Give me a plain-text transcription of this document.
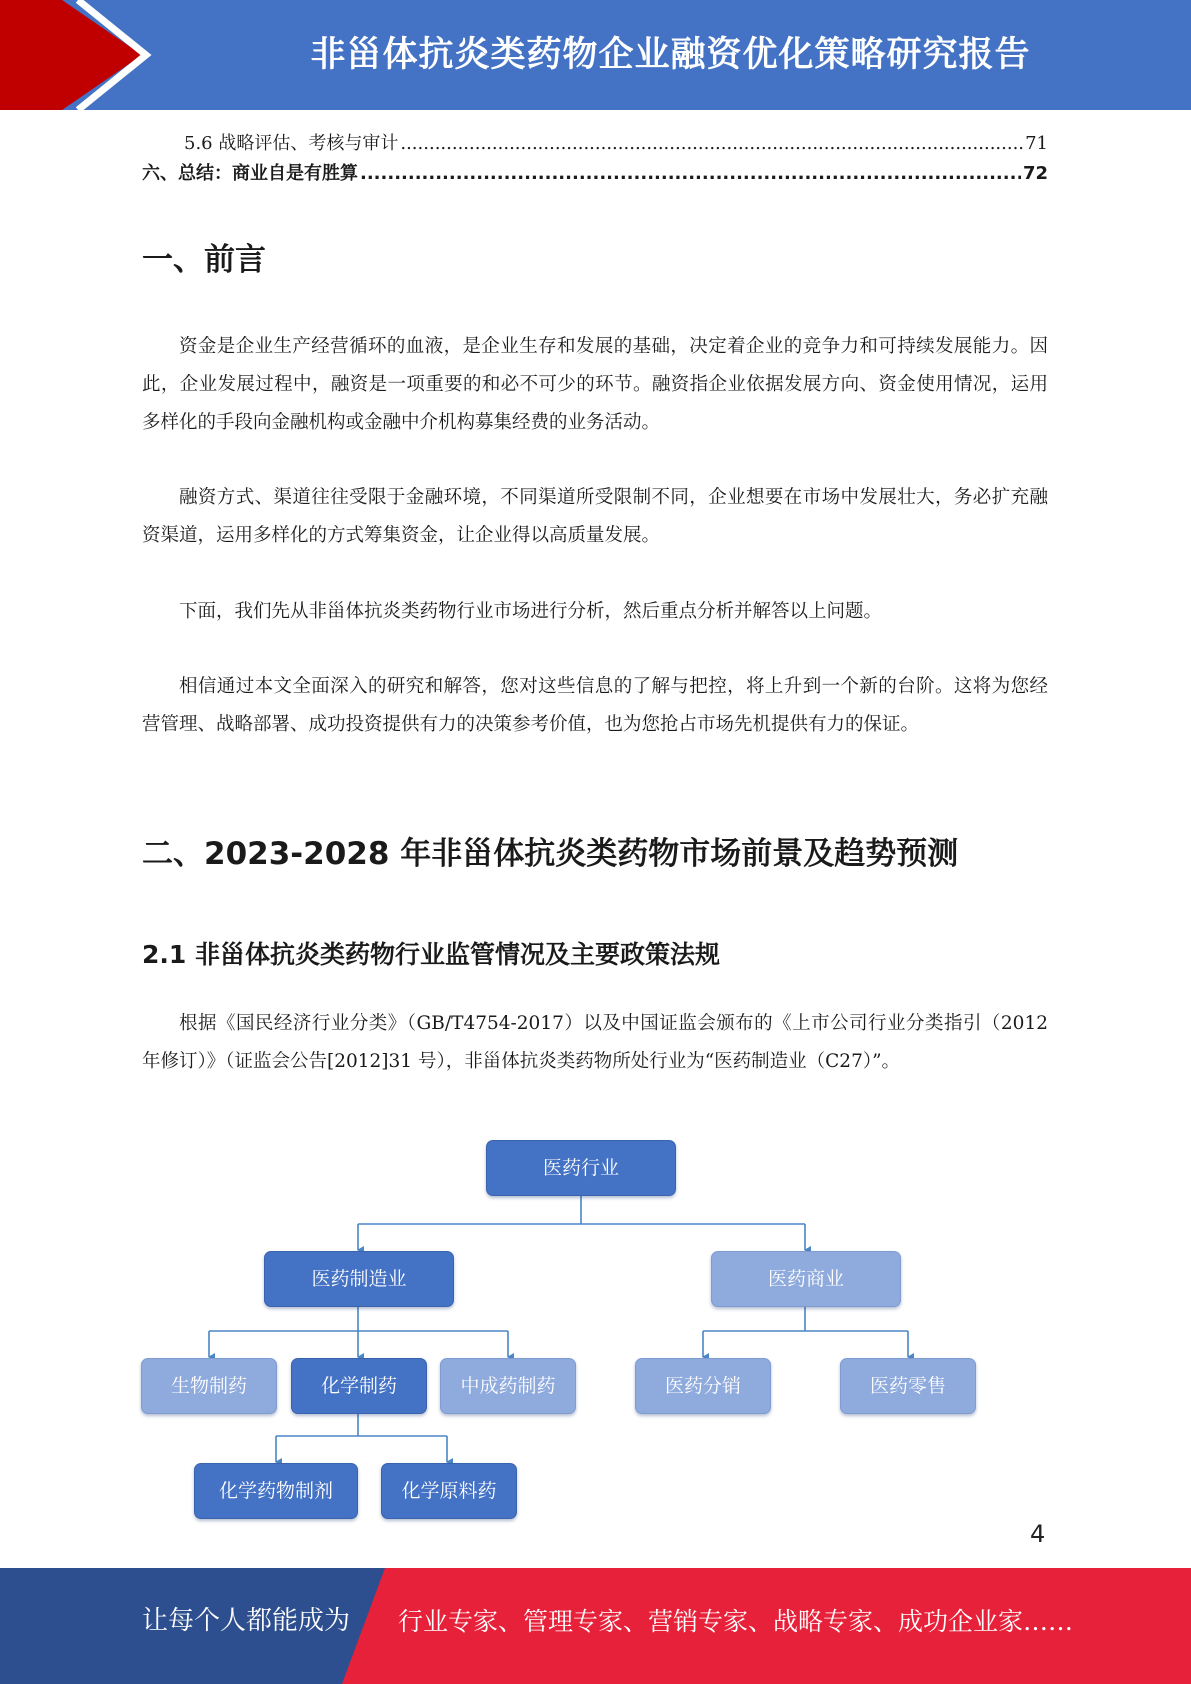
非甾体抗炎类药物企业融资优化策略研究报告
5.6 战略评估、考核与审计 .....	71
六、总结：商业自是有胜算 .....	72
一、前言

资金是企业生产经营循环的血液，是企业生存和发展的基础，决定着企业的竞争力和可持续发展能力。因此，企业发展过程中，融资是一项重要的和必不可少的环节。融资指企业依据发展方向、资金使用情况，运用多样化的手段向金融机构或金融中介机构募集经费的业务活动。

融资方式、渠道往往受限于金融环境，不同渠道所受限制不同，企业想要在市场中发展壮大，务必扩充融资渠道，运用多样化的方式筹集资金，让企业得以高质量发展。

下面，我们先从非甾体抗炎类药物行业市场进行分析，然后重点分析并解答以上问题。

相信通过本文全面深入的研究和解答，您对这些信息的了解与把控，将上升到一个新的台阶。这将为您经营管理、战略部署、成功投资提供有力的决策参考价值，也为您抢占市场先机提供有力的保证。

二、2023-2028 年非甾体抗炎类药物市场前景及趋势预测
2.1 非甾体抗炎类药物行业监管情况及主要政策法规

根据《国民经济行业分类》（GB/T4754-2017）以及中国证监会颁布的《上市公司行业分类指引（2012 年修订）》（证监会公告[2012]31 号），非甾体抗炎类药物所处行业为“医药制造业（C27）”。

医药行业
医药制造业	医药商业
生物制药	化学制药	中成药制药	医药分销	医药零售
化学药物制剂	化学原料药
4
让每个人都能成为 行业专家、管理专家、营销专家、战略专家、成功企业家……
